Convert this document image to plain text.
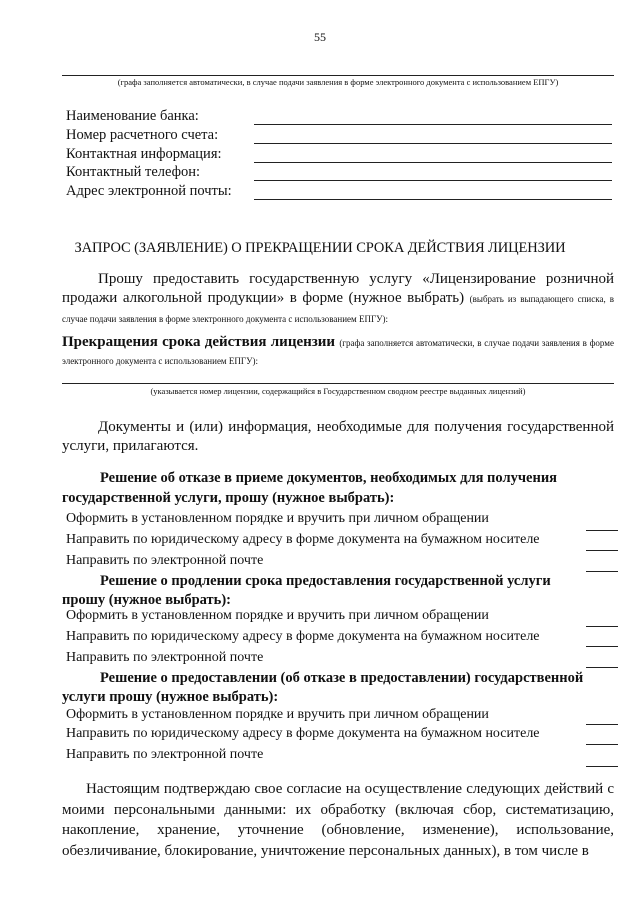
55
(графа заполняется автоматически, в случае подачи заявления в форме электронного документа с использованием ЕПГУ)
Наименование банка:
Номер расчетного счета:
Контактная информация:
Контактный телефон:
Адрес электронной почты:
ЗАПРОС (ЗАЯВЛЕНИЕ) О ПРЕКРАЩЕНИИ СРОКА ДЕЙСТВИЯ ЛИЦЕНЗИИ
Прошу предоставить государственную услугу «Лицензирование розничной продажи алкогольной продукции» в форме (нужное выбрать) (выбрать из выпадающего списка, в случае подачи заявления в форме электронного документа с использованием ЕПГУ):
Прекращения срока действия лицензии (графа заполняется автоматически, в случае подачи заявления в форме электронного документа с использованием ЕПГУ):
(указывается номер лицензии, содержащийся в Государственном сводном реестре выданных лицензий)
Документы и (или) информация, необходимые для получения государственной услуги, прилагаются.
Решение об отказе в приеме документов, необходимых для получения
государственной услуги, прошу (нужное выбрать):
Оформить в установленном порядке и вручить при личном обращении
Направить по юридическому адресу в форме документа на бумажном носителе
Направить по электронной почте
Решение о продлении срока предоставления государственной услуги
прошу (нужное выбрать):
Оформить в установленном порядке и вручить при личном обращении
Направить по юридическому адресу в форме документа на бумажном носителе
Направить по электронной почте
Решение о предоставлении (об отказе в предоставлении) государственной
услуги прошу (нужное выбрать):
Оформить в установленном порядке и вручить при личном обращении
Направить по юридическому адресу в форме документа на бумажном носителе
Направить по электронной почте
Настоящим подтверждаю свое согласие на осуществление следующих действий с моими персональными данными: их обработку (включая сбор, систематизацию, накопление, хранение, уточнение (обновление, изменение), использование, обезличивание, блокирование, уничтожение персональных данных), в том числе в
